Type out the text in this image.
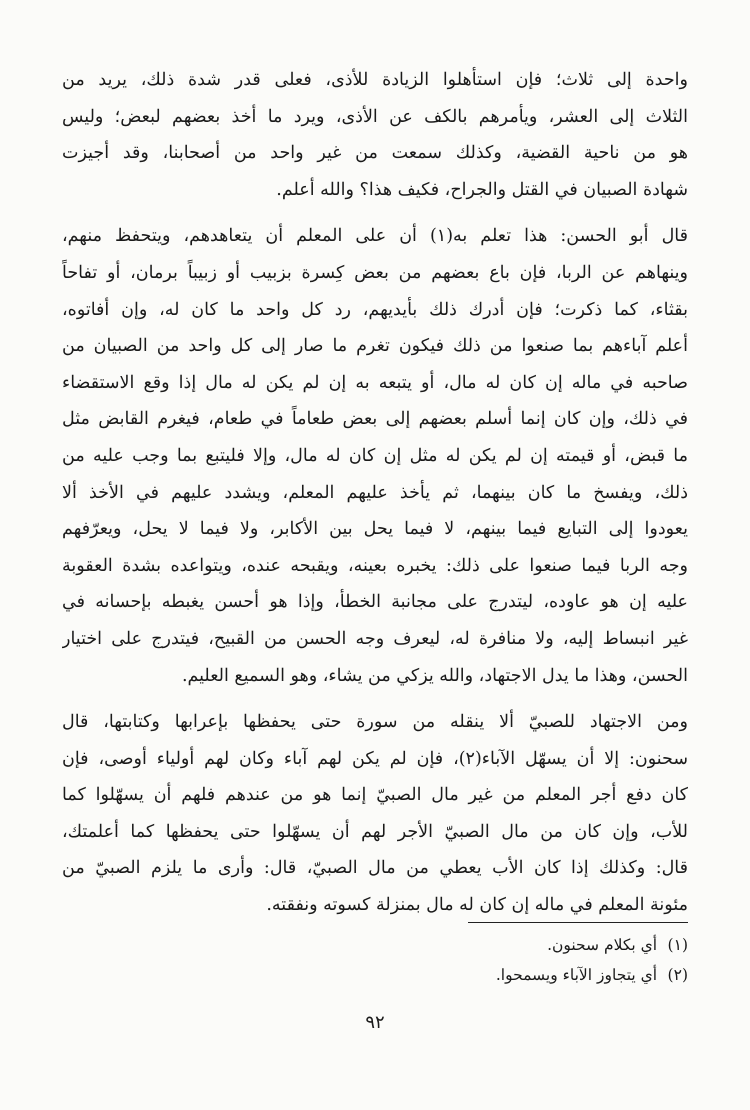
واحدة إلى ثلاث؛ فإن استأهلوا الزيادة للأذى، فعلى قدر شدة ذلك، يريد من
الثلاث إلى العشر، ويأمرهم بالكف عن الأذى، ويرد ما أخذ بعضهم لبعض؛ وليس
هو من ناحية القضية، وكذلك سمعت من غير واحد من أصحابنا، وقد أجيزت
شهادة الصبيان في القتل والجراح، فكيف هذا؟ والله أعلم.

قال أبو الحسن: هذا تعلم به(١) أن على المعلم أن يتعاهدهم، ويتحفظ منهم،
وينهاهم عن الربا، فإن باع بعضهم من بعض كِسرة بزبيب أو زبيباً برمان، أو تفاحاً
بقثاء، كما ذكرت؛ فإن أدرك ذلك بأيديهم، رد كل واحد ما كان له، وإن أفاتوه،
أعلم آباءهم بما صنعوا من ذلك فيكون تغرم ما صار إلى كل واحد من الصبيان من
صاحبه في ماله إن كان له مال، أو يتبعه به إن لم يكن له مال إذا وقع الاستقضاء
في ذلك، وإن كان إنما أسلم بعضهم إلى بعض طعاماً في طعام، فيغرم القابض مثل
ما قبض، أو قيمته إن لم يكن له مثل إن كان له مال، وإلا فليتبع بما وجب عليه من
ذلك، ويفسخ ما كان بينهما، ثم يأخذ عليهم المعلم، ويشدد عليهم في الأخذ ألا
يعودوا إلى التبايع فيما بينهم، لا فيما يحل بين الأكابر، ولا فيما لا يحل، ويعرّفهم
وجه الربا فيما صنعوا على ذلك: يخبره بعينه، ويقبحه عنده، ويتواعده بشدة العقوبة
عليه إن هو عاوده، ليتدرج على مجانبة الخطأ، وإذا هو أحسن يغبطه بإحسانه في
غير انبساط إليه، ولا منافرة له، ليعرف وجه الحسن من القبيح، فيتدرج على اختيار
الحسن، وهذا ما يدل الاجتهاد، والله يزكي من يشاء، وهو السميع العليم.

ومن الاجتهاد للصبيّ ألا ينقله من سورة حتى يحفظها بإعرابها وكتابتها، قال
سحنون: إلا أن يسهّل الآباء(٢)، فإن لم يكن لهم آباء وكان لهم أولياء أوصى، فإن
كان دفع أجر المعلم من غير مال الصبيّ إنما هو من عندهم فلهم أن يسهّلوا كما
للأب، وإن كان من مال الصبيّ الأجر لهم أن يسهّلوا حتى يحفظها كما أعلمتك،
قال: وكذلك إذا كان الأب يعطي من مال الصبيّ، قال: وأرى ما يلزم الصبيّ من
مئونة المعلم في ماله إن كان له مال بمنزلة كسوته ونفقته.

(١) أي بكلام سحنون.
(٢) أي يتجاوز الآباء ويسمحوا.
٩٢
